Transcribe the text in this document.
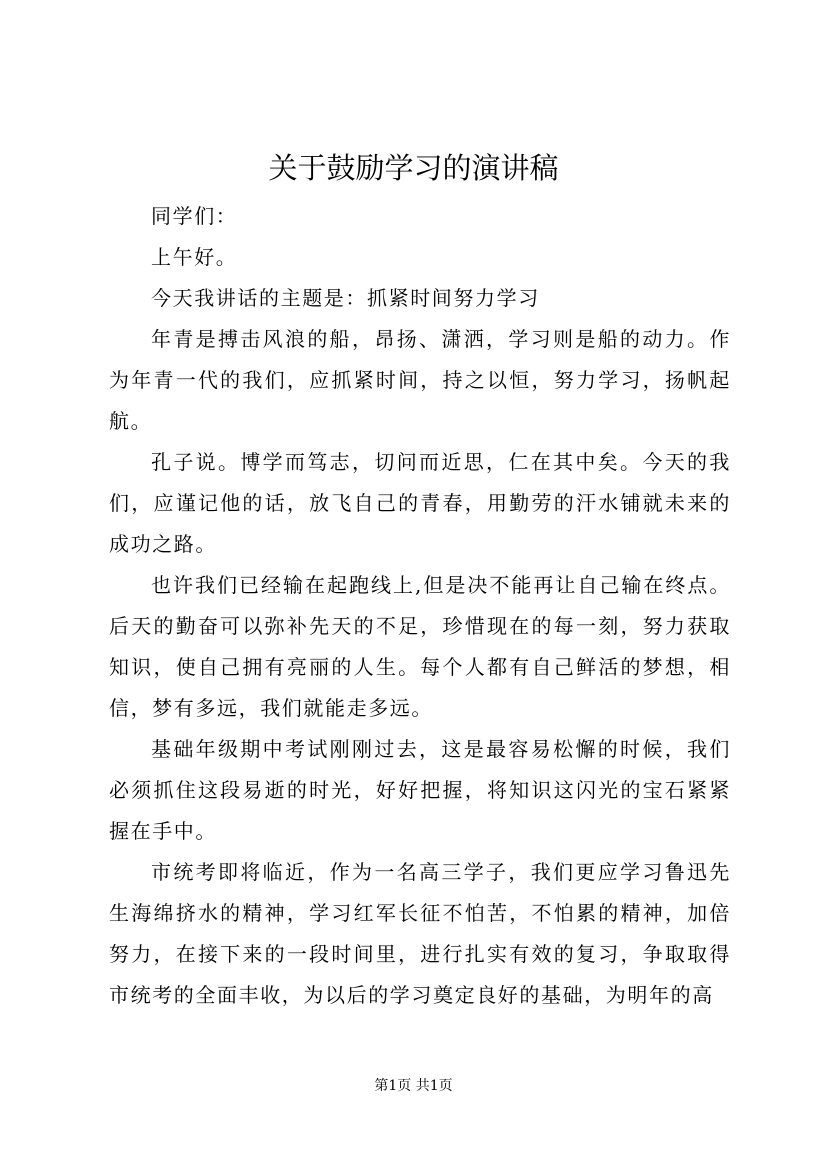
关于鼓励学习的演讲稿

同学们：

上午好。

今天我讲话的主题是：抓紧时间努力学习

年青是搏击风浪的船，昂扬、潇洒，学习则是船的动力。作为年青一代的我们，应抓紧时间，持之以恒，努力学习，扬帆起航。

孔子说。博学而笃志，切问而近思，仁在其中矣。今天的我们，应谨记他的话，放飞自己的青春，用勤劳的汗水铺就未来的成功之路。

也许我们已经输在起跑线上,但是决不能再让自己输在终点。后天的勤奋可以弥补先天的不足，珍惜现在的每一刻，努力获取知识，使自己拥有亮丽的人生。每个人都有自己鲜活的梦想，相信，梦有多远，我们就能走多远。

基础年级期中考试刚刚过去，这是最容易松懈的时候，我们必须抓住这段易逝的时光，好好把握，将知识这闪光的宝石紧紧握在手中。

市统考即将临近，作为一名高三学子，我们更应学习鲁迅先生海绵挤水的精神，学习红军长征不怕苦，不怕累的精神，加倍努力，在接下来的一段时间里，进行扎实有效的复习，争取取得市统考的全面丰收，为以后的学习奠定良好的基础，为明年的高

第1页 共1页
